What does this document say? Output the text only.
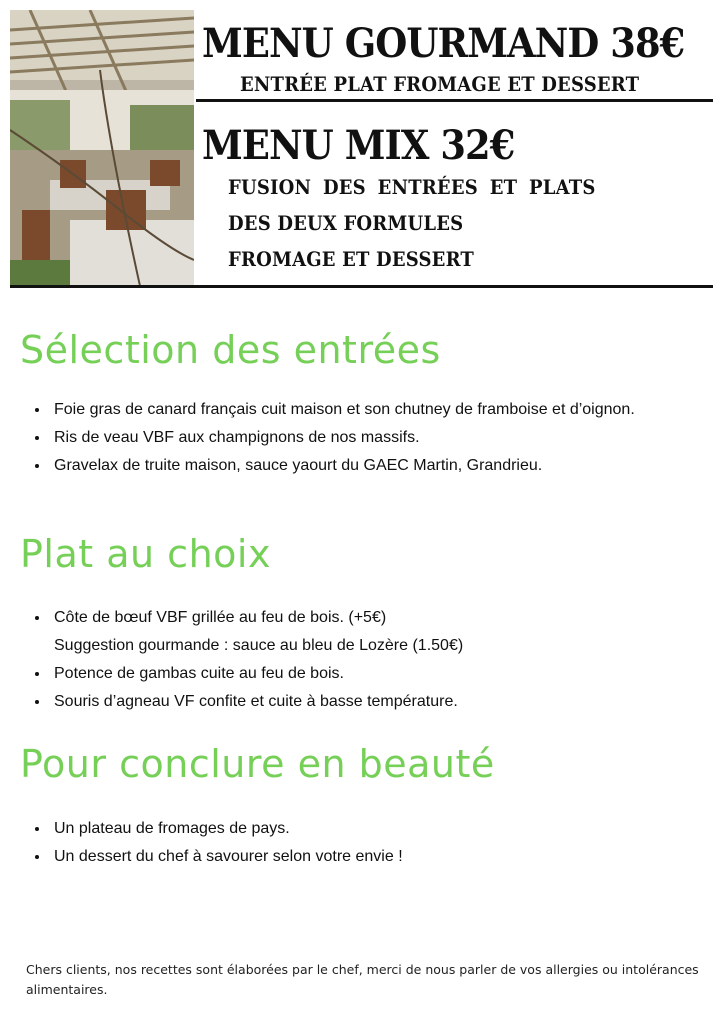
MENU GOURMAND 38€
ENTRÉE PLAT FROMAGE ET DESSERT
MENU MIX 32€
FUSION DES ENTRÉES ET PLATS
DES DEUX FORMULES
FROMAGE ET DESSERT
Sélection des entrées
• Foie gras de canard français cuit maison et son chutney de framboise et d’oignon.
• Ris de veau VBF aux champignons de nos massifs.
• Gravelax de truite maison, sauce yaourt du GAEC Martin, Grandrieu.
Plat au choix
• Côte de bœuf VBF grillée au feu de bois. (+5€)
Suggestion gourmande : sauce au bleu de Lozère (1.50€)
• Potence de gambas cuite au feu de bois.
• Souris d’agneau VF confite et cuite à basse température.
Pour conclure en beauté
• Un plateau de fromages de pays.
• Un dessert du chef à savourer selon votre envie !

Chers clients, nos recettes sont élaborées par le chef, merci de nous parler de vos allergies ou intolérances alimentaires.
